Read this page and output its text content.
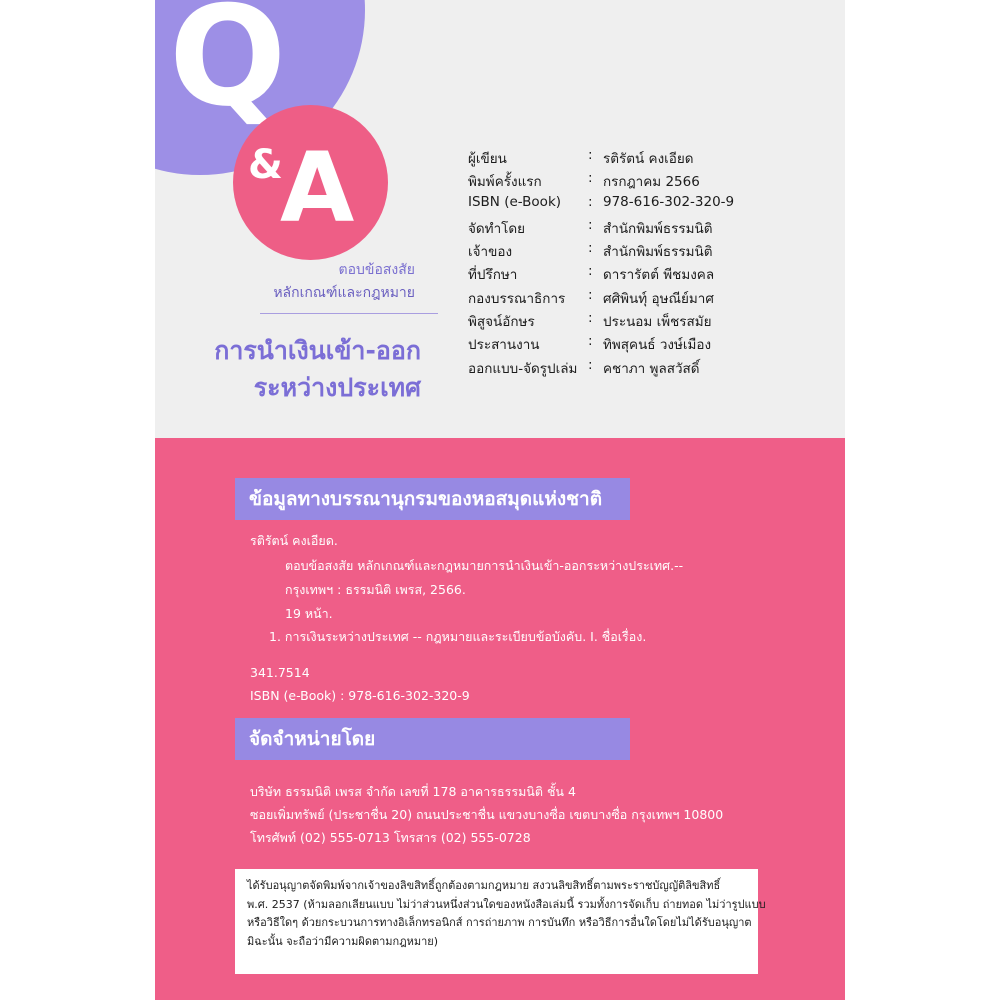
Q
&
A
ตอบข้อสงสัย
หลักเกณฑ์และกฎหมาย
การนำเงินเข้า-ออก
ระหว่างประเทศ
ผู้เขียน	: รติรัตน์ คงเอียด
พิมพ์ครั้งแรก	: กรกฎาคม 2566
ISBN (e-Book) : 978-616-302-320-9
จัดทำโดย	: สำนักพิมพ์ธรรมนิติ
เจ้าของ	: สำนักพิมพ์ธรรมนิติ
ที่ปรึกษา	: ดารารัตต์ พีชมงคล
กองบรรณาธิการ : ศศิพินทุ์ อุษณีย์มาศ
พิสูจน์อักษร	: ประนอม เพ็ชรสมัย
ประสานงาน	: ทิพสุคนธ์ วงษ์เมือง
ออกแบบ-จัดรูปเล่ม : คชาภา พูลสวัสดิ์
ข้อมูลทางบรรณานุกรมของหอสมุดแห่งชาติ
รติรัตน์ คงเอียด.
ตอบข้อสงสัย หลักเกณฑ์และกฎหมายการนำเงินเข้า-ออกระหว่างประเทศ.--
กรุงเทพฯ : ธรรมนิติ เพรส, 2566.
19 หน้า.
1. การเงินระหว่างประเทศ -- กฎหมายและระเบียบข้อบังคับ. I. ชื่อเรื่อง.
341.7514
ISBN (e-Book) : 978-616-302-320-9
จัดจำหน่ายโดย
บริษัท ธรรมนิติ เพรส จำกัด เลขที่ 178 อาคารธรรมนิติ ชั้น 4
ซอยเพิ่มทรัพย์ (ประชาชื่น 20) ถนนประชาชื่น แขวงบางซื่อ เขตบางซื่อ กรุงเทพฯ 10800
โทรศัพท์ (02) 555-0713 โทรสาร (02) 555-0728
ได้รับอนุญาตจัดพิมพ์จากเจ้าของลิขสิทธิ์ถูกต้องตามกฎหมาย สงวนลิขสิทธิ์ตามพระราชบัญญัติลิขสิทธิ์
พ.ศ. 2537 (ห้ามลอกเลียนแบบ ไม่ว่าส่วนหนึ่งส่วนใดของหนังสือเล่มนี้ รวมทั้งการจัดเก็บ ถ่ายทอด ไม่ว่ารูปแบบ
หรือวิธีใดๆ ด้วยกระบวนการทางอิเล็กทรอนิกส์ การถ่ายภาพ การบันทึก หรือวิธีการอื่นใดโดยไม่ได้รับอนุญาต
มิฉะนั้น จะถือว่ามีความผิดตามกฎหมาย)
